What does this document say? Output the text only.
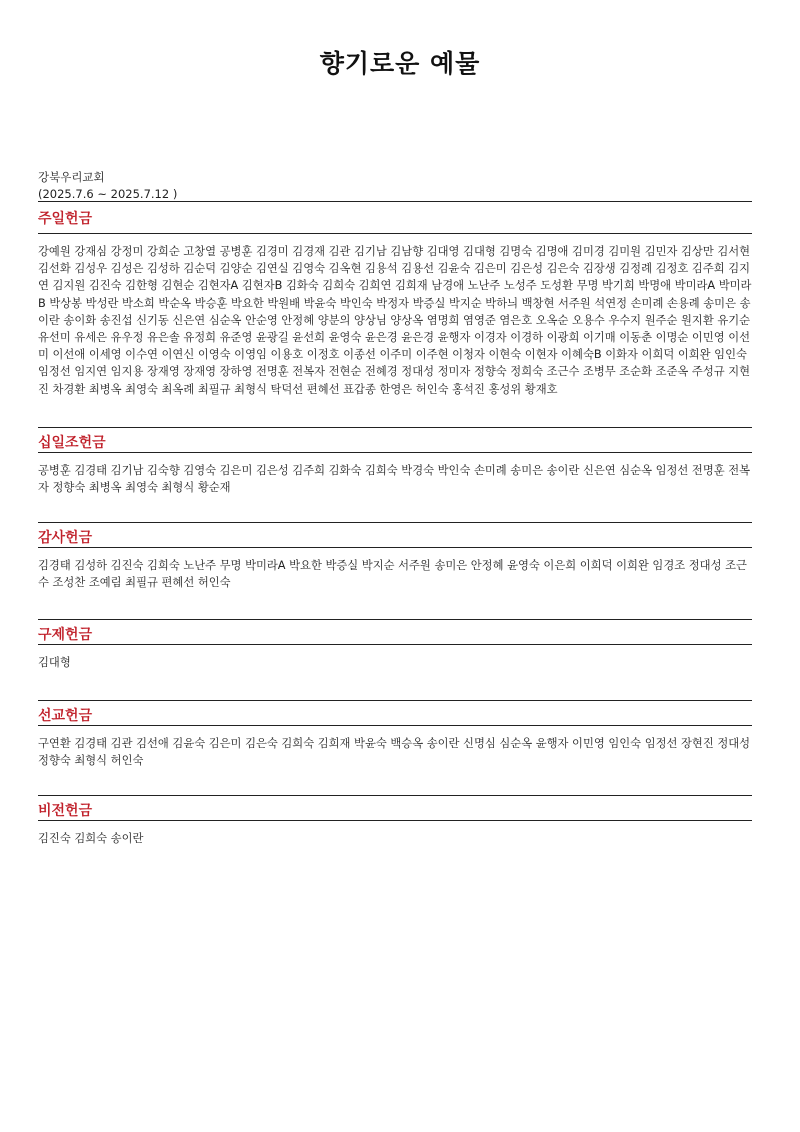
향기로운 예물
강북우리교회
(2025.7.6 ~ 2025.7.12 )
주일헌금
강예원 강재심 강정미 강희순 고창열 공병훈 김경미 김경재 김관 김기남 김남향 김대영 김대형 김명숙 김명애 김미경 김미원 김민자 김상만 김서현 김선화 김성우 김성은 김성하 김순덕 김양순 김연실 김영숙 김옥현 김용석 김용선 김윤숙 김은미 김은성 김은숙 김장생 김정례 김정호 김주희 김지연 김지원 김진숙 김한형 김현순 김현자A 김현자B 김화숙 김희숙 김희연 김희재 남경애 노난주 노성주 도성환 무명 박기희 박명애 박미라A 박미라B 박상봉 박성란 박소희 박순옥 박승훈 박요한 박원배 박윤숙 박인숙 박정자 박증실 박지순 박하늬 백창현 서주원 석연정 손미례 손용례 송미은 송이란 송이화 송진섭 신기동 신은연 심순옥 안순영 안정혜 양분의 양상님 양상옥 염명희 염영준 염은호 오옥순 오용수 우수지 원주순 원지환 유기순 유선미 유세은 유우정 유은솔 유정희 유준영 윤광길 윤선희 윤영숙 윤은경 윤은경 윤행자 이경자 이경하 이광희 이기매 이동춘 이명순 이민영 이선미 이선애 이세영 이수연 이연신 이영숙 이영임 이용호 이정호 이종선 이주미 이주현 이청자 이현숙 이현자 이혜숙B 이화자 이희덕 이희완 임인숙 임정선 임지연 임지용 장재영 장재영 장하영 전명훈 전복자 전현순 전혜경 정대성 정미자 정향숙 정희숙 조근수 조병무 조순화 조준옥 주성규 지현진 차경환 최병옥 최영숙 최옥례 최필규 최형식 탁덕선 편혜선 표갑종 한영은 허인숙 홍석진 홍성위 황재호
십일조헌금
공병훈 김경태 김기남 김숙향 김영숙 김은미 김은성 김주희 김화숙 김희숙 박경숙 박인숙 손미례 송미은 송이란 신은연 심순옥 임정선 전명훈 전복자 정향숙 최병옥 최영숙 최형식 황순재
감사헌금
김경태 김성하 김진숙 김희숙 노난주 무명 박미라A 박요한 박증실 박지순 서주원 송미은 안정혜 윤영숙 이은희 이희덕 이희완 임경조 정대성 조근수 조성찬 조예림 최필규 편혜선 허인숙
구제헌금
김대형
선교헌금
구연환 김경태 김관 김선애 김윤숙 김은미 김은숙 김희숙 김희재 박윤숙 백승옥 송이란 신명심 심순옥 윤행자 이민영 임인숙 임정선 장현진 정대성 정향숙 최형식 허인숙
비전헌금
김진숙 김희숙 송이란
